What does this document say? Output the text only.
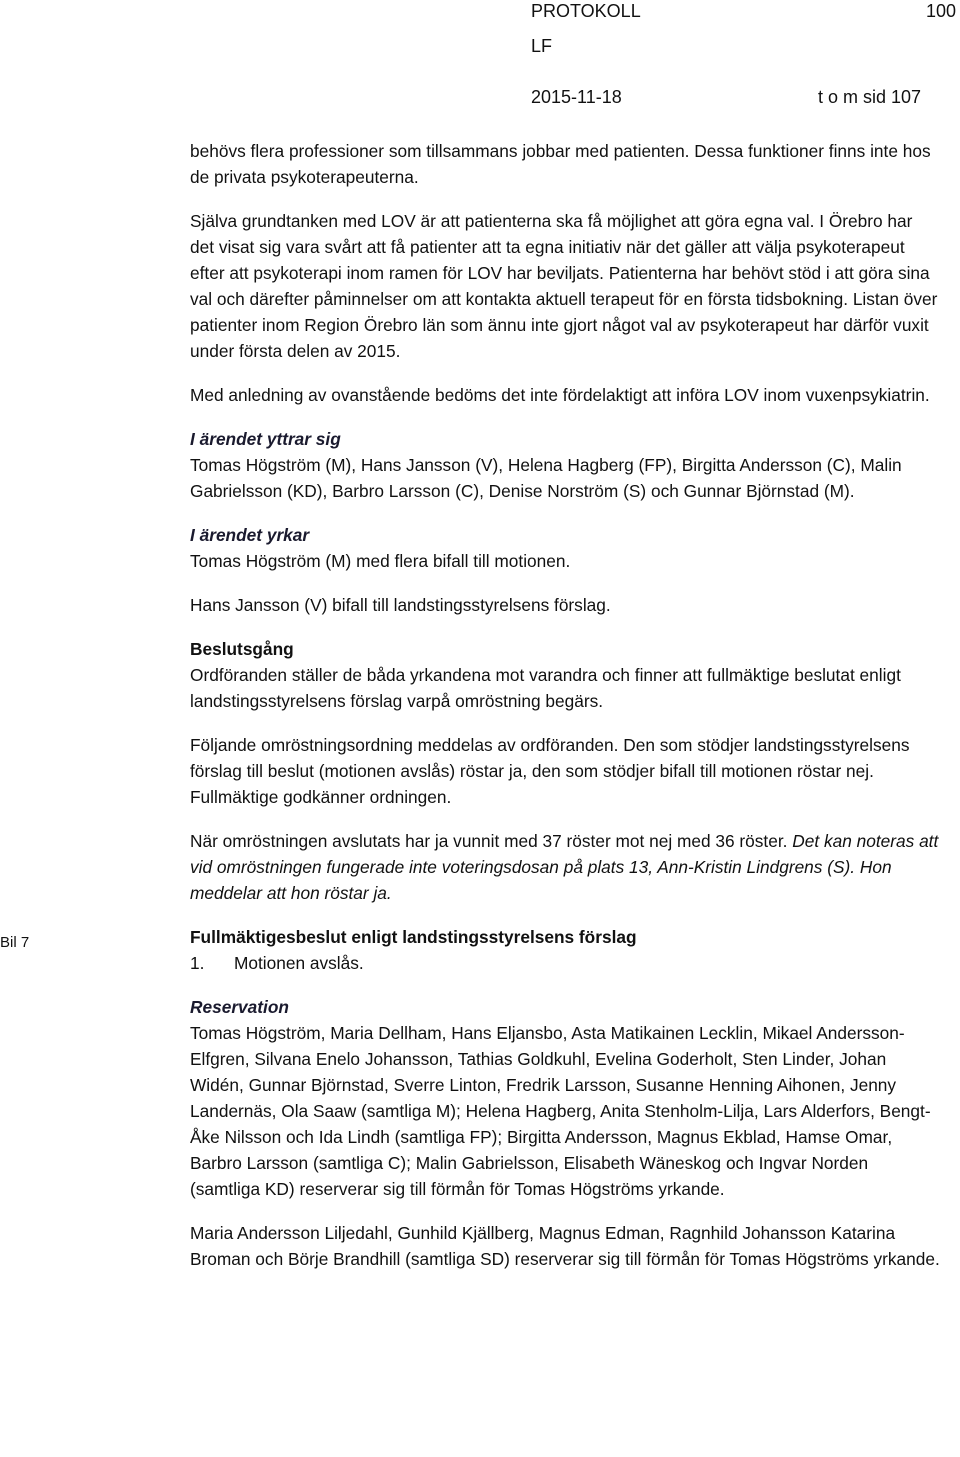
PROTOKOLL	100
LF
2015-11-18	t o m sid 107
Bil 7

behövs flera professioner som tillsammans jobbar med patienten. Dessa funktioner finns inte hos de privata psykoterapeuterna.

Själva grundtanken med LOV är att patienterna ska få möjlighet att göra egna val. I Örebro har det visat sig vara svårt att få patienter att ta egna initiativ när det gäller att välja psykoterapeut efter att psykoterapi inom ramen för LOV har beviljats. Patienterna har behövt stöd i att göra sina val och därefter påminnelser om att kontakta aktuell terapeut för en första tidsbokning. Listan över patienter inom Region Örebro län som ännu inte gjort något val av psykoterapeut har därför vuxit under första delen av 2015.

Med anledning av ovanstående bedöms det inte fördelaktigt att införa LOV inom vuxenpsykiatrin.

I ärendet yttrar sig

Tomas Högström (M), Hans Jansson (V), Helena Hagberg (FP), Birgitta Andersson (C), Malin Gabrielsson (KD), Barbro Larsson (C), Denise Norström (S) och Gunnar Björnstad (M).

I ärendet yrkar

Tomas Högström (M) med flera bifall till motionen.

Hans Jansson (V) bifall till landstingsstyrelsens förslag.

Beslutsgång

Ordföranden ställer de båda yrkandena mot varandra och finner att fullmäktige beslutat enligt landstingsstyrelsens förslag varpå omröstning begärs.

Följande omröstningsordning meddelas av ordföranden. Den som stödjer landstingsstyrelsens förslag till beslut (motionen avslås) röstar ja, den som stödjer bifall till motionen röstar nej. Fullmäktige godkänner ordningen.

När omröstningen avslutats har ja vunnit med 37 röster mot nej med 36 röster. Det kan noteras att vid omröstningen fungerade inte voteringsdosan på plats 13, Ann-Kristin Lindgrens (S). Hon meddelar att hon röstar ja.

Fullmäktigesbeslut enligt landstingsstyrelsens förslag
1. Motionen avslås.
Reservation

Tomas Högström, Maria Dellham, Hans Eljansbo, Asta Matikainen Lecklin, Mikael Andersson-Elfgren, Silvana Enelo Johansson, Tathias Goldkuhl, Evelina Goderholt, Sten Linder, Johan Widén, Gunnar Björnstad, Sverre Linton, Fredrik Larsson, Susanne Henning Aihonen, Jenny Landernäs, Ola Saaw (samtliga M); Helena Hagberg, Anita Stenholm-Lilja, Lars Alderfors, Bengt-Åke Nilsson och Ida Lindh (samtliga FP); Birgitta Andersson, Magnus Ekblad, Hamse Omar, Barbro Larsson (samtliga C); Malin Gabrielsson, Elisabeth Wäneskog och Ingvar Norden (samtliga KD) reserverar sig till förmån för Tomas Högströms yrkande.

Maria Andersson Liljedahl, Gunhild Kjällberg, Magnus Edman, Ragnhild Johansson Katarina Broman och Börje Brandhill (samtliga SD) reserverar sig till förmån för Tomas Högströms yrkande.
